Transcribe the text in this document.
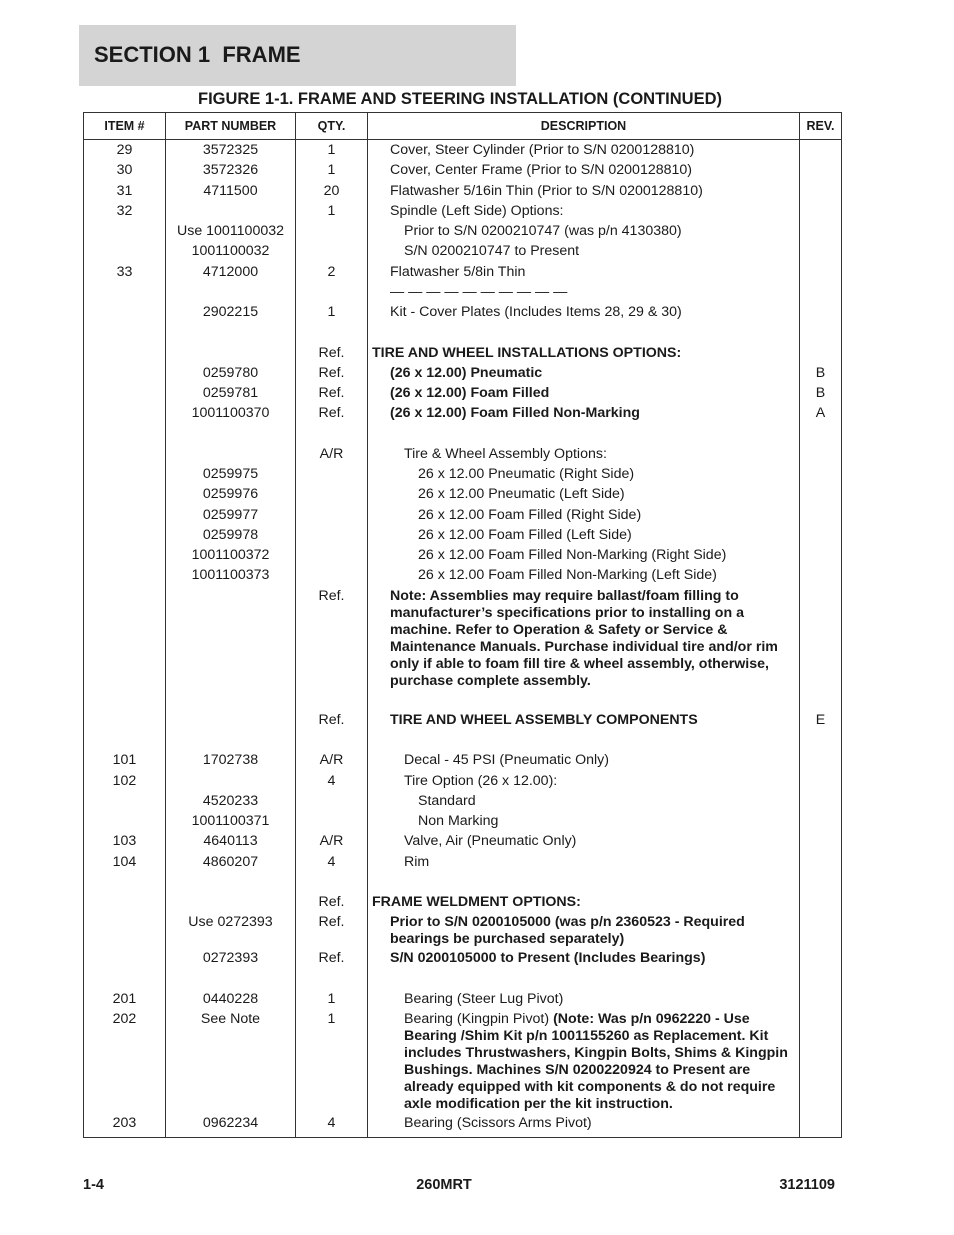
SECTION 1  FRAME
FIGURE 1-1. FRAME AND STEERING INSTALLATION (CONTINUED)
ITEM #	PART NUMBER	QTY.	DESCRIPTION	REV.
29	3572325	1	Cover, Steer Cylinder (Prior to S/N 0200128810)	

30	3572326	1	Cover, Center Frame (Prior to S/N 0200128810)	

31	4711500	20	Flatwasher 5/16in Thin (Prior to S/N 0200128810)	

32		1	Spindle (Left Side) Options:	

	Use 1001100032		Prior to S/N 0200210747 (was p/n 4130380)	

	1001100032		S/N 0200210747 to Present	

33	4712000	2	Flatwasher 5/8in Thin	

			— — — — — — — — — —	

	2902215	1	Kit - Cover Plates (Includes Items 28, 29 & 30)	

		Ref.	TIRE AND WHEEL INSTALLATIONS OPTIONS:	

	0259780	Ref.	(26 x 12.00) Pneumatic	B
	0259781	Ref.	(26 x 12.00) Foam Filled	B
	1001100370	Ref.	(26 x 12.00) Foam Filled Non-Marking	A

		A/R	Tire & Wheel Assembly Options:	

	0259975		26 x 12.00 Pneumatic (Right Side)	

	0259976		26 x 12.00 Pneumatic (Left Side)	

	0259977		26 x 12.00 Foam Filled (Right Side)	

	0259978		26 x 12.00 Foam Filled (Left Side)	

	1001100372		26 x 12.00 Foam Filled Non-Marking (Right Side)	

	1001100373		26 x 12.00 Foam Filled Non-Marking (Left Side)	

		Ref.	Note: Assemblies may require ballast/foam filling to manufacturer’s specifications prior to installing on a machine. Refer to Operation & Safety or Service & Maintenance Manuals. Purchase individual tire and/or rim only if able to foam fill tire & wheel assembly, otherwise, purchase complete assembly.	

		Ref.	TIRE AND WHEEL ASSEMBLY COMPONENTS	E

101	1702738	A/R	Decal - 45 PSI (Pneumatic Only)	

102		4	Tire Option (26 x 12.00):	

	4520233		Standard	

	1001100371		Non Marking	

103	4640113	A/R	Valve, Air (Pneumatic Only)	

104	4860207	4	Rim	

		Ref.	FRAME WELDMENT OPTIONS:	

	Use 0272393	Ref.	Prior to S/N 0200105000 (was p/n 2360523 - Required bearings be purchased separately)	

	0272393	Ref.	S/N 0200105000 to Present (Includes Bearings)	

201	0440228	1	Bearing (Steer Lug Pivot)	

202	See Note	1	Bearing (Kingpin Pivot) (Note: Was p/n 0962220 - Use Bearing /Shim Kit p/n 1001155260 as Replacement. Kit includes Thrustwashers, Kingpin Bolts, Shims & Kingpin Bushings. Machines S/N 0200220924 to Present are already equipped with kit components & do not require axle modification per the kit instruction.	

203	0962234	4	Bearing (Scissors Arms Pivot)	

1-4	260MRT	3121109
